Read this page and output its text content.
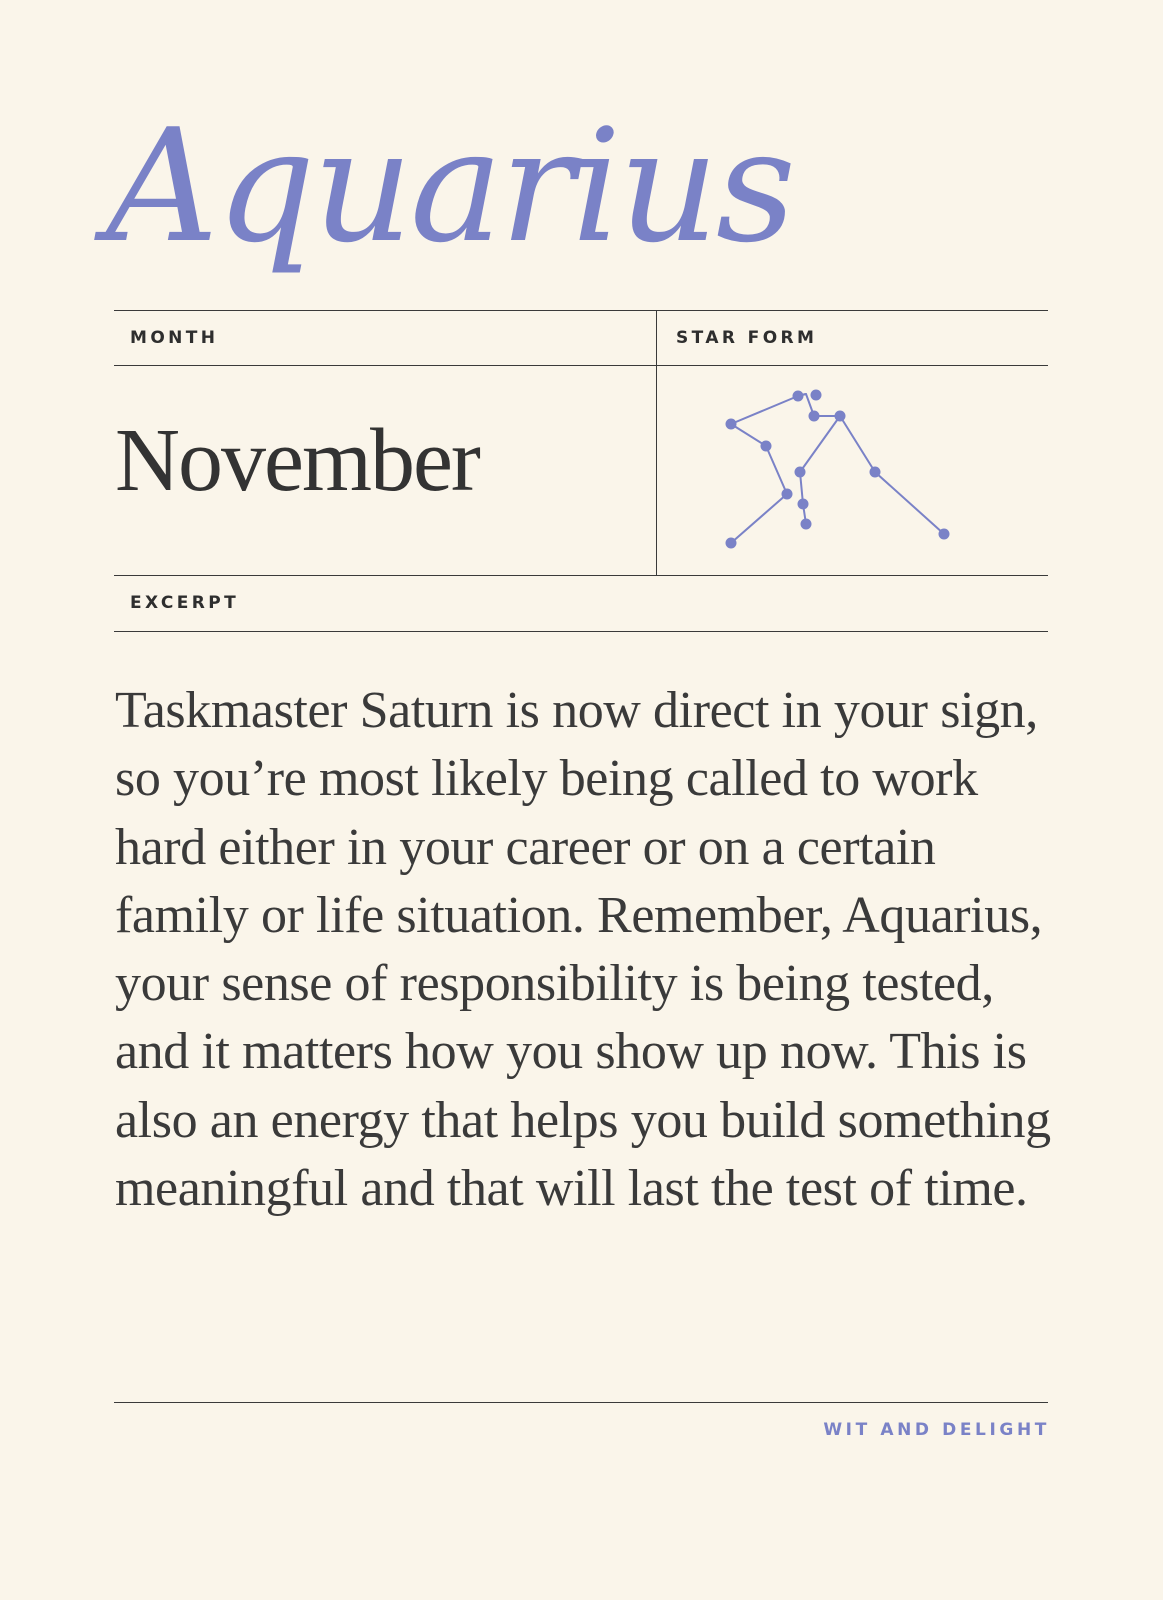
Aquarius
MONTH	STAR FORM
November
EXCERPT

Taskmaster Saturn is now direct in your sign, so you’re most likely being called to work hard either in your career or on a certain family or life situation. Remember, Aquarius, your sense of responsibility is being tested, and it matters how you show up now. This is also an energy that helps you build something meaningful and that will last the test of time.

WIT AND DELIGHT
